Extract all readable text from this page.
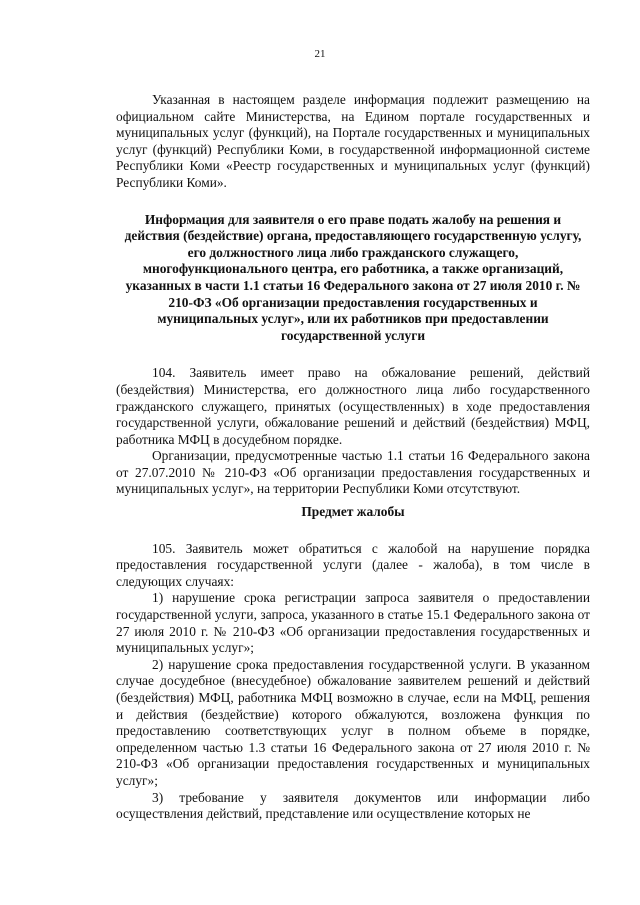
21

Указанная в настоящем разделе информация подлежит размещению на официальном сайте Министерства, на Едином портале государственных и муниципальных услуг (функций), на Портале государственных и муниципальных услуг (функций) Республики Коми, в государственной информационной системе Республики Коми «Реестр государственных и муниципальных услуг (функций) Республики Коми».

Информация для заявителя о его праве подать жалобу на решения и действия (бездействие) органа, предоставляющего государственную услугу, его должностного лица либо гражданского служащего, многофункционального центра, его работника, а также организаций, указанных в части 1.1 статьи 16 Федерального закона от 27 июля 2010 г. № 210-ФЗ «Об организации предоставления государственных и муниципальных услуг», или их работников при предоставлении государственной услуги

104. Заявитель имеет право на обжалование решений, действий (бездействия) Министерства, его должностного лица либо государственного гражданского служащего, принятых (осуществленных) в ходе предоставления государственной услуги, обжалование решений и действий (бездействия) МФЦ, работника МФЦ в досудебном порядке.

Организации, предусмотренные частью 1.1 статьи 16 Федерального закона от 27.07.2010 № 210-ФЗ «Об организации предоставления государственных и муниципальных услуг», на территории Республики Коми отсутствуют.

Предмет жалобы

105. Заявитель может обратиться с жалобой на нарушение порядка предоставления государственной услуги (далее - жалоба), в том числе в следующих случаях:

1) нарушение срока регистрации запроса заявителя о предоставлении государственной услуги, запроса, указанного в статье 15.1 Федерального закона от 27 июля 2010 г. № 210-ФЗ «Об организации предоставления государственных и муниципальных услуг»;

2) нарушение срока предоставления государственной услуги. В указанном случае досудебное (внесудебное) обжалование заявителем решений и действий (бездействия) МФЦ, работника МФЦ возможно в случае, если на МФЦ, решения и действия (бездействие) которого обжалуются, возложена функция по предоставлению соответствующих услуг в полном объеме в порядке, определенном частью 1.3 статьи 16 Федерального закона от 27 июля 2010 г. № 210-ФЗ «Об организации предоставления государственных и муниципальных услуг»;

3) требование у заявителя документов или информации либо осуществления действий, представление или осуществление которых не
